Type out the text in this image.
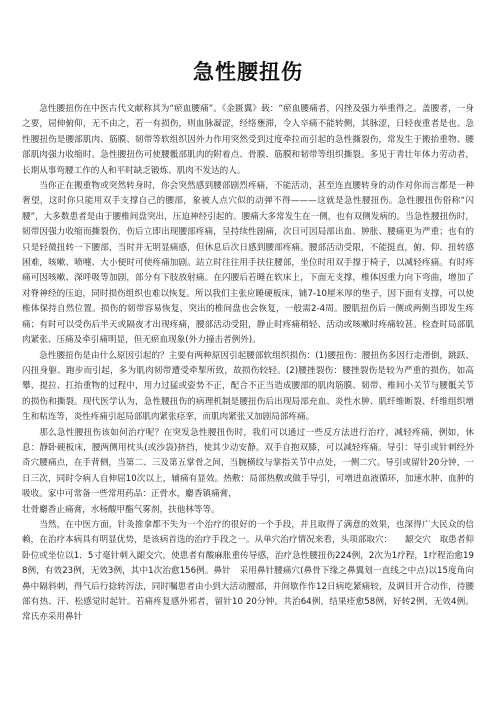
急性腰扭伤

急性腰扭伤在中医古代文献称其为“瘀血腰痛”。《金匮翼》载：“瘀血腰痛者，闪挫及强力举重得之。盖腰者，一身之要，屈伸俯仰，无不由之，若一有损伤，则血脉凝涩，经络壅滞，令人卒痛不能转侧，其脉涩，日轻夜重者是也。急性腰扭伤是腰部肌肉、筋膜、韧带等软组织因外力作用突然受到过度牵拉而引起的急性撕裂伤，常发生于搬抬重物、腰部肌肉强力收缩时。急性腰扭伤可使腰骶部肌肉的附着点、骨膜、筋膜和韧带等组织撕裂。多见于青壮年体力劳动者，长期从事弯腰工作的人和平时缺乏锻炼、肌肉不发达的人。

当你正在搬重物或突然转身时，你会突然感到腰部剧烈疼痛，不能活动，甚至连直腰转身的动作对你而言都是一种奢望，这时你只能用双手支撑自己的腰部，象被人点穴似的动弹不得———这就是急性腰扭伤。急性腰扭伤俗称“闪腰”，大多数患者是由于腰椎间盘突出，压迫神经引起的。腰痛大多常发生在一侧，也有双侧发病的。当急性腰扭伤时，韧带因强力收缩而撕裂伤，伤后立即出现腰部疼痛，呈持续性剧痛，次日可因局部出血、肿胀、腰痛更为严重；也有的只是轻微扭转一下腰部，当时并无明显痛感，但休息后次日感到腰部疼痛。腰部活动受限，不能挺直，俯、仰、扭转感困难，咳嗽、喷嚏、大小便时可使疼痛加剧。站立时往往用手扶住腰部，坐位时用双手撑于椅子，以减轻疼痛。有时疼痛可因咳嗽、深呼吸等加剧，部分有下肢放射痛。在闪腰后若睡在软床上，下面无支撑，椎体因重力向下弯曲，增加了对脊神经的压迫，同时损伤组织也难以恢复。所以我们主张应睡硬板床，铺7-10厘米厚的垫子，因下面有支撑，可以使椎体保持自然位置。损伤的韧带容易恢复，突出的椎间盘也会恢复，一般需2-4周。腰肌扭伤后一侧或两侧当即发生疼痛；有时可以受伤后半天或隔夜才出现疼痛，腰部活动受阻，静止时疼痛稍轻、活动或咳嗽时疼痛较甚。检查时局部肌肉紧张、压痛及牵引痛明显，但无瘀血现象(外力撞击者例外)。

急性腰扭伤是由什么原因引起的？主要有两种原因引起腰部软组织损伤：(1)腰扭伤：腰扭伤多因行走滑倒，跳跃、闪扭身躯、跑步而引起，多为肌肉韧带遭受牵掣所致，故损伤较轻。(2)腰挫裂伤：腰挫裂伤是较为严重的损伤，如高攀、提拉、扛抬重物的过程中，用力过猛或姿势不正，配合不正当造成腰部的肌肉筋膜、韧带、椎间小关节与腰骶关节的损伤和撕裂。现代医学认为，急性腰扭伤的病理机制是腰扭伤后出现局部充血、炎性水肿、肌纤维断裂、纤维组织增生和粘连等，炎性疼痛引起局部肌肉紧张痉挛，而肌肉紧张又加剧局部疼痛。

那么急性腰扭伤该如何治疗呢？在突发急性腰扭伤时，我们可以通过一些反方法进行治疗，减轻疼痛，例如，休息：静卧硬板床，腰两侧用枕头(或沙袋)挤挡，使其少动安静。双手自抱双膝，可以减轻疼痛。导引：导引或针刺经外奇穴腰痛点，在手背侧，当第二、三及第五掌骨之间，当腕横纹与掌指关节中点处，一侧二穴。导引或留针20分钟，一日三次，同时令病人自伸屈10次以上，辅痛有显效。热敷：局部热敷或做手导引，可增进血液循环，加速水肿、血肿的吸收。家中可常备一些常用药品：正骨水，麝香镇痛膏，

壮骨麝香止痛膏，水杨酸甲酯气雾剂，扶他林等等。

当然，在中医方面，针灸推拿都不失为一个治疗的很好的一个手段，并且取得了满意的效果，也深得广大民众的信赖，在治疗本病具有明显优势，是该病首选的治疗手段之一。从单穴治疗情况来看，头项部取穴：　　龈交穴　取患者仰卧位或坐位以1．5寸毫针刺入龈交穴，使患者有酸麻胀重传导感，治疗急性腰扭伤224例，2次为1疗程，1疗程治愈198例，有效23例，无效3例，其中1次治愈156例。鼻针　采用鼻针腰痛穴(鼻骨下缘之鼻翼划一直线之中点)以15度角向鼻中隔斜刺，得气后行捻转泻法，同时嘱患者由小到大活动腰部，并间歇作作12日病吃紧痛较，及调目开合动作，待腰部有热、汗、松感觉时起针。若痛疼复感外邪者，留针10 20分钟。共治64例，结果痊愈58例，好转2例，无效4例。常氏亦采用鼻针
